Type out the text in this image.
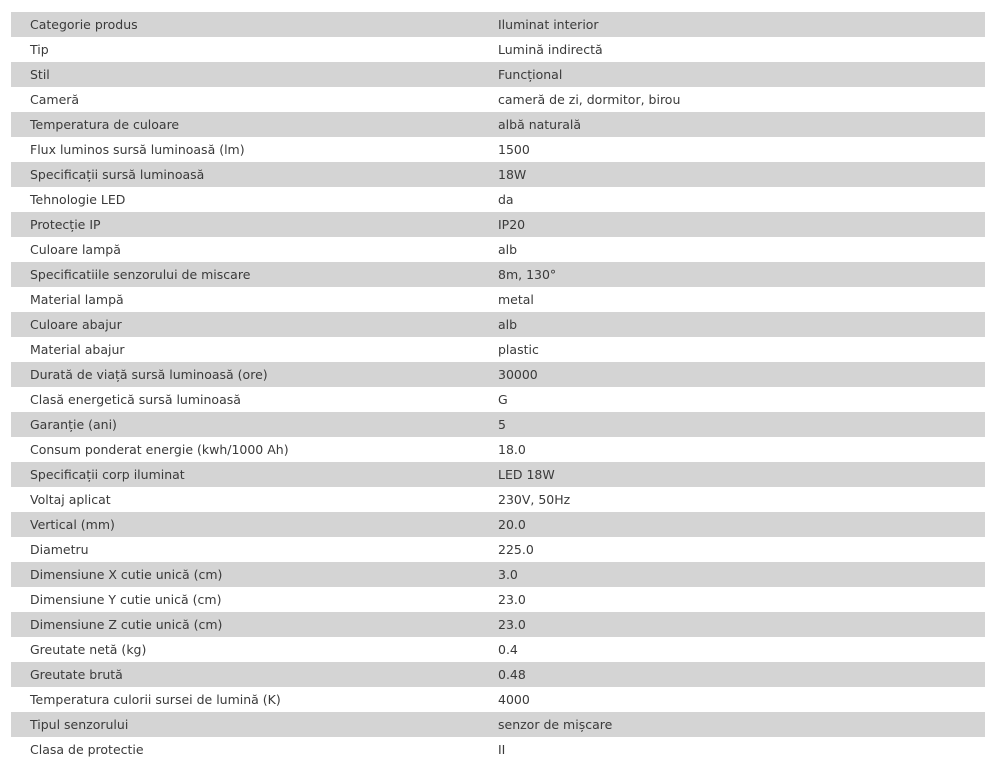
Categorie produs	Iluminat interior
Tip	Lumină indirectă
Stil	Funcțional
Cameră	cameră de zi, dormitor, birou
Temperatura de culoare	albă naturală
Flux luminos sursă luminoasă (lm)	1500
Specificații sursă luminoasă	18W
Tehnologie LED	da
Protecție IP	IP20
Culoare lampă	alb
Specificatiile senzorului de miscare	8m, 130°
Material lampă	metal
Culoare abajur	alb
Material abajur	plastic
Durată de viață sursă luminoasă (ore)	30000
Clasă energetică sursă luminoasă	G
Garanție (ani)	5
Consum ponderat energie (kwh/1000 Ah)	18.0
Specificații corp iluminat	LED 18W
Voltaj aplicat	230V, 50Hz
Vertical (mm)	20.0
Diametru	225.0
Dimensiune X cutie unică (cm)	3.0
Dimensiune Y cutie unică (cm)	23.0
Dimensiune Z cutie unică (cm)	23.0
Greutate netă (kg)	0.4
Greutate brută	0.48
Temperatura culorii sursei de lumină (K)	4000
Tipul senzorului	senzor de mișcare
Clasa de protectie	II
